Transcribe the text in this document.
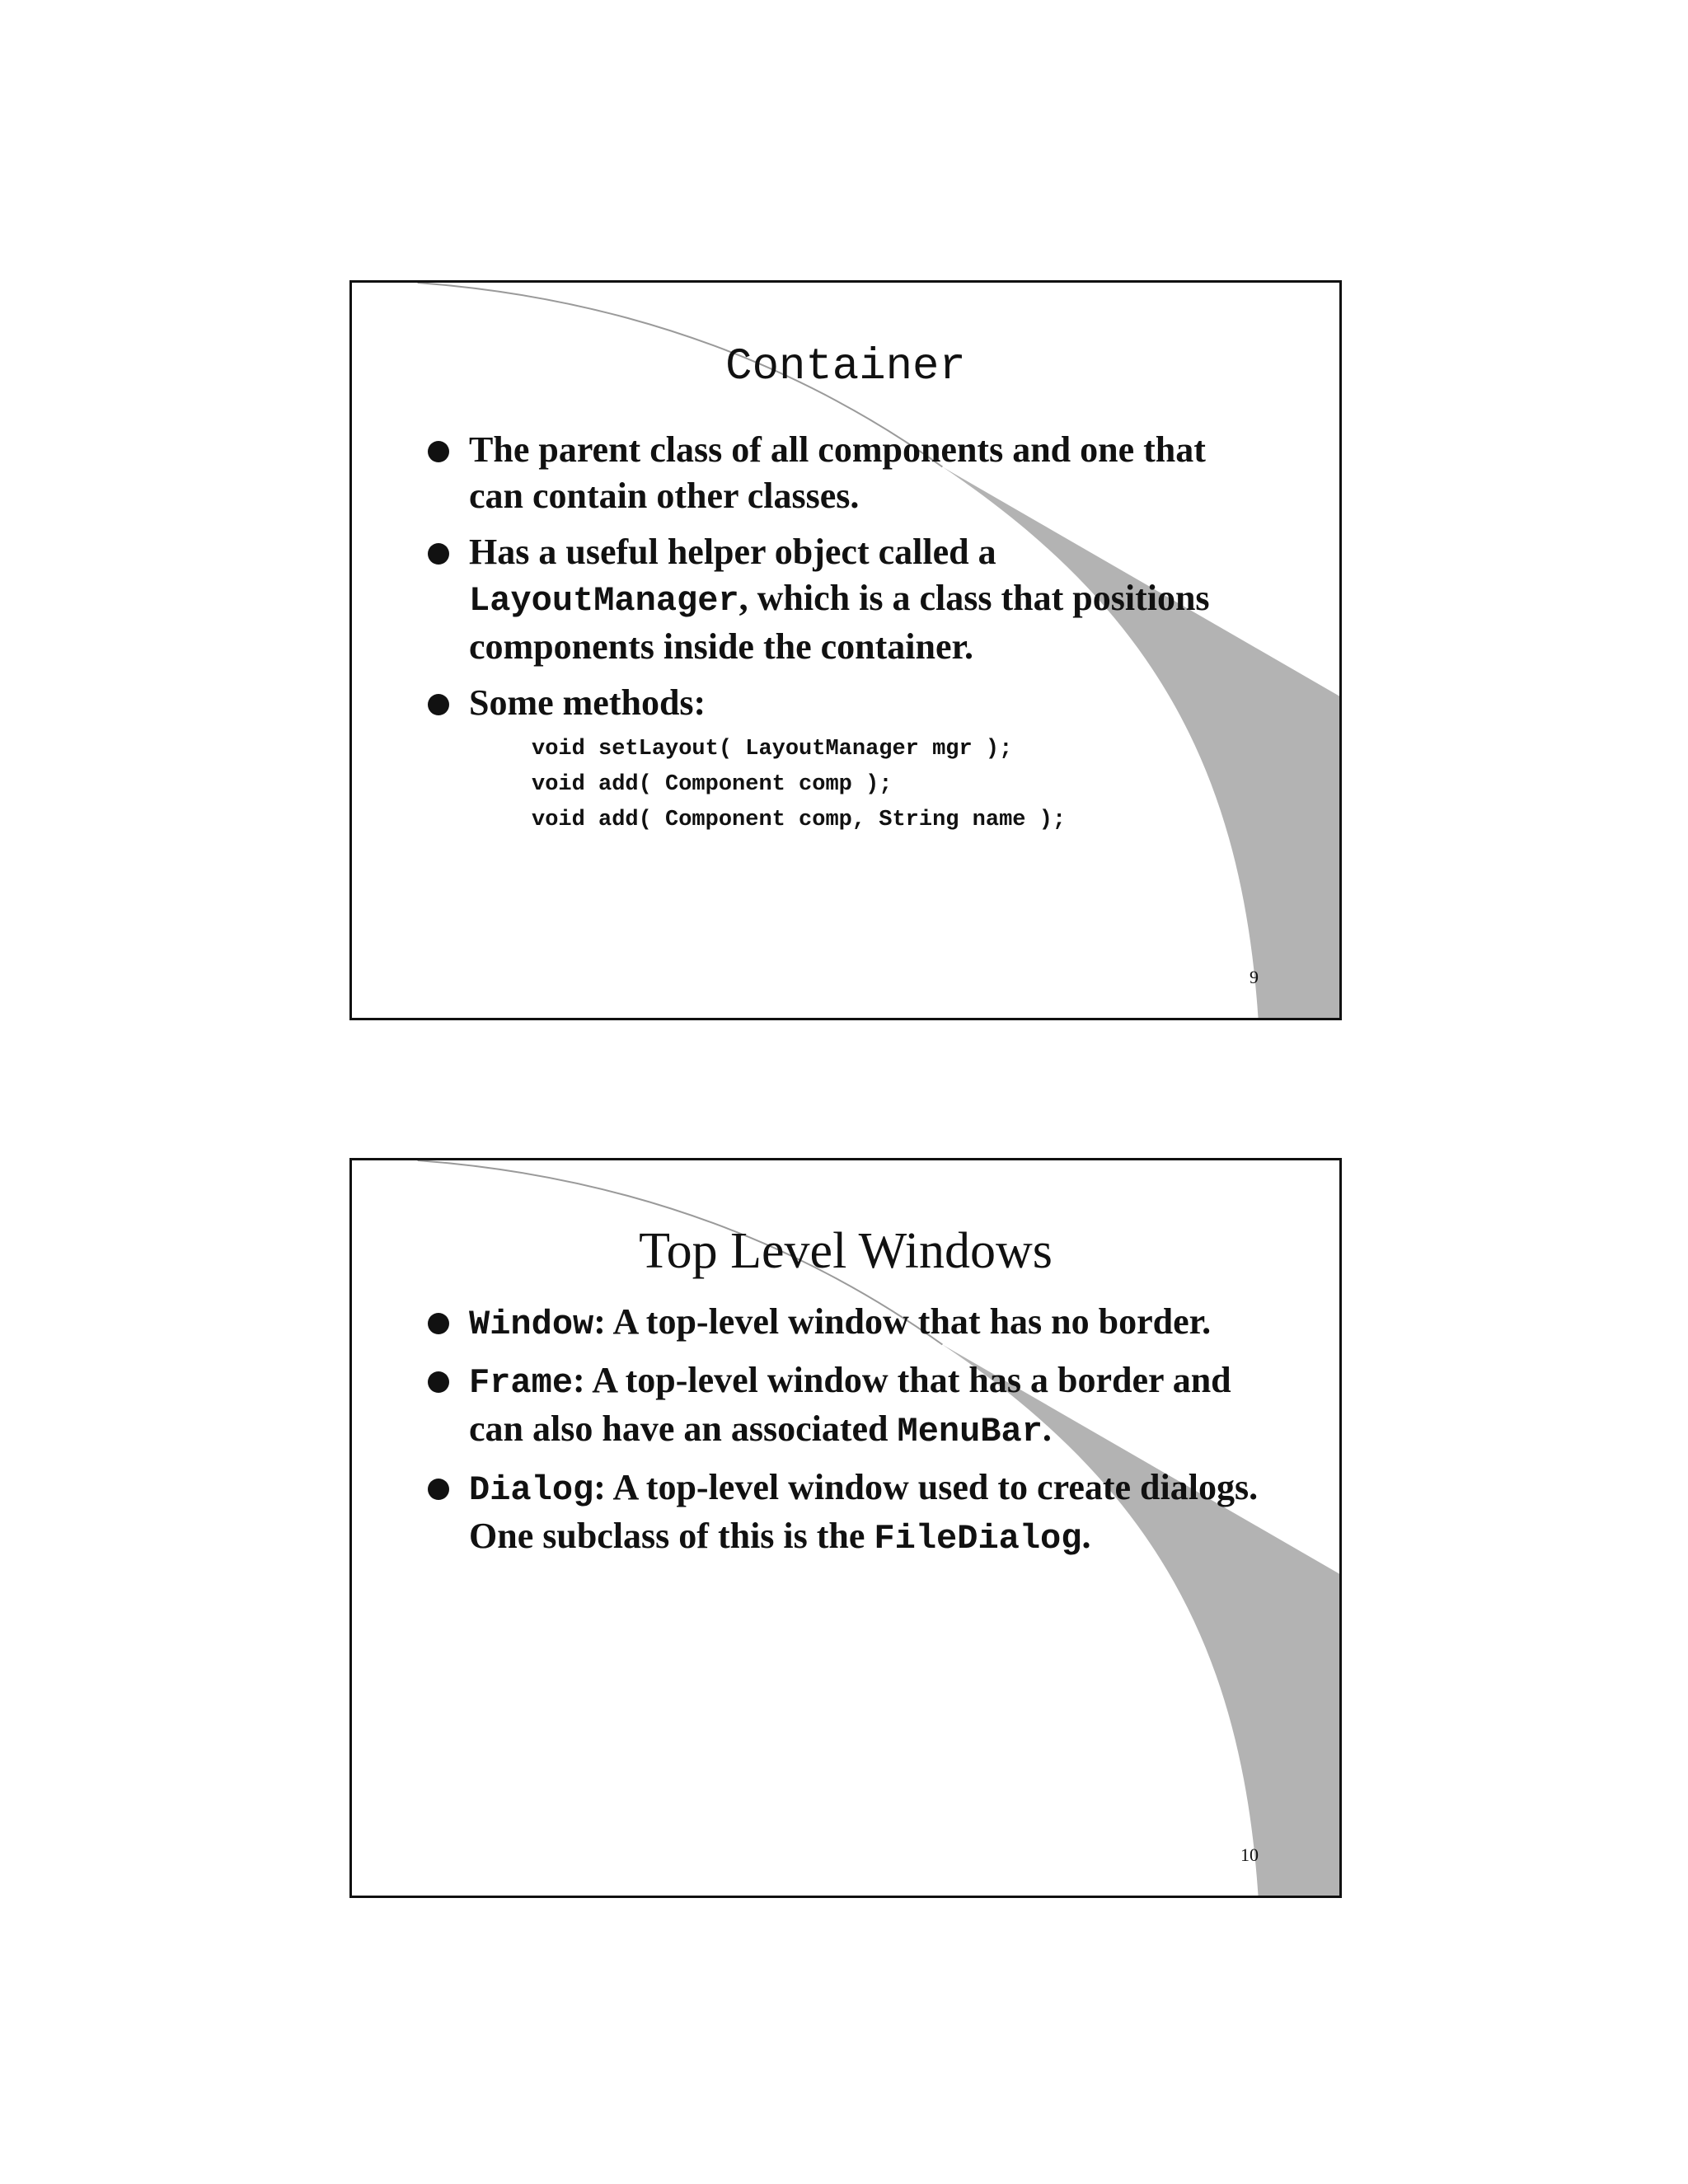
Container
The parent class of all components and one that can contain other classes.
Has a useful helper object called a LayoutManager, which is a class that positions components inside the container.
Some methods:
void setLayout( LayoutManager mgr );
void add( Component comp );
void add( Component comp, String name );
9
Top Level Windows
Window: A top-level window that has no border.
Frame: A top-level window that has a border and can also have an associated MenuBar.
Dialog: A top-level window used to create dialogs. One subclass of this is the FileDialog.
10
